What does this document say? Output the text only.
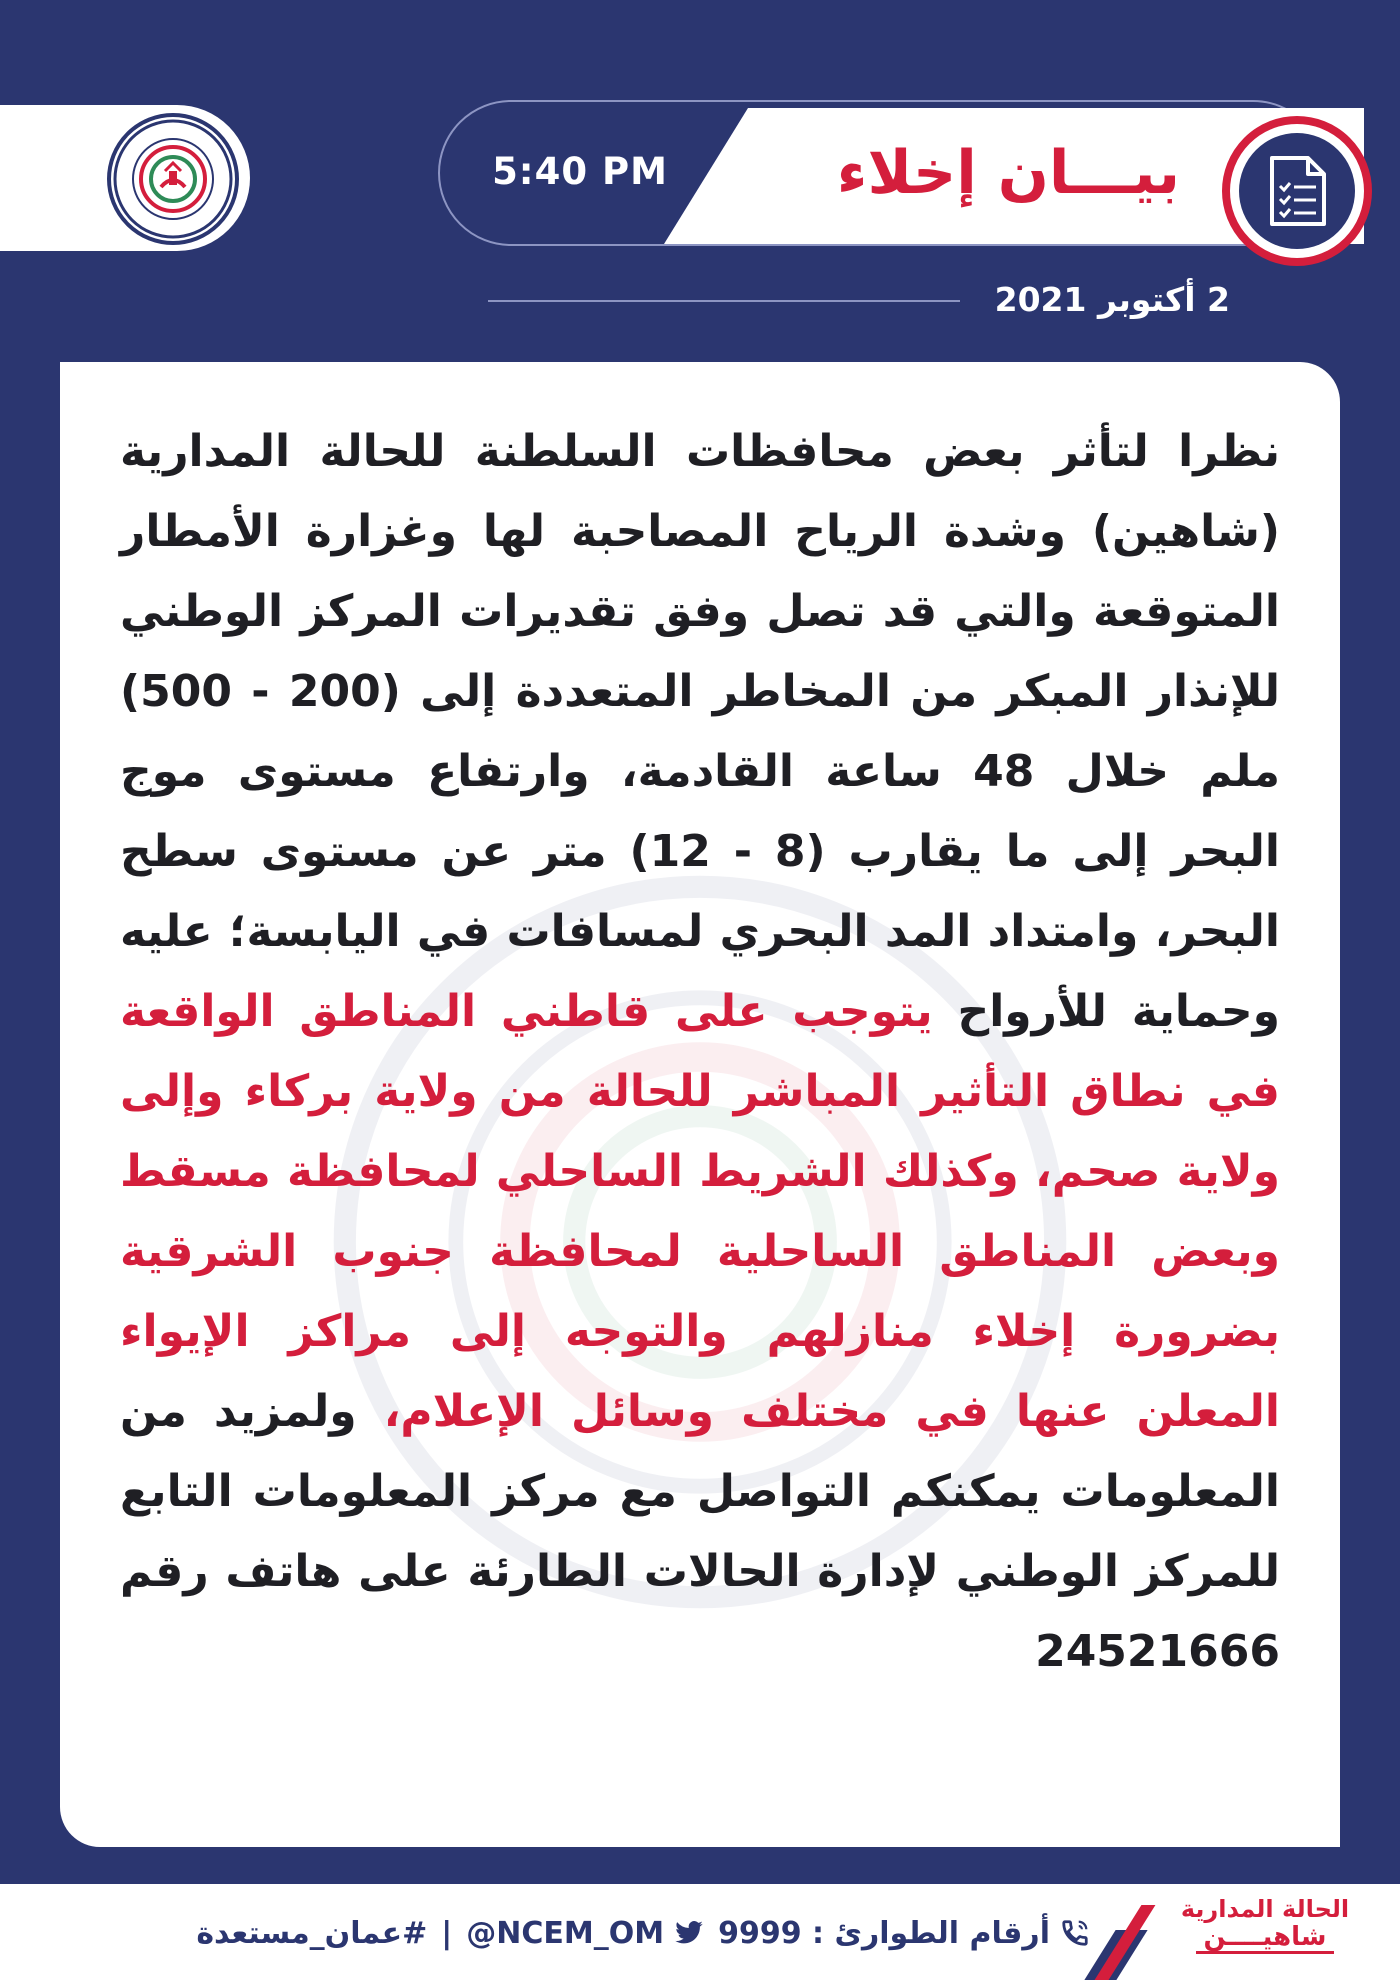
5:40 PM	بيـــان إخلاء
2 أكتوبر 2021

نظرا لتأثر بعض محافظات السلطنة للحالة المدارية (شاهين) وشدة الرياح المصاحبة لها وغزارة الأمطار المتوقعة والتي قد تصل وفق تقديرات المركز الوطني للإنذار المبكر من المخاطر المتعددة إلى (200 - 500) ملم خلال 48 ساعة القادمة، وارتفاع مستوى موج البحر إلى ما يقارب (8 - 12) متر عن مستوى سطح البحر، وامتداد المد البحري لمسافات في اليابسة؛ عليه وحماية للأرواح يتوجب على قاطني المناطق الواقعة في نطاق التأثير المباشر للحالة من ولاية بركاء وإلى ولاية صحم، وكذلك الشريط الساحلي لمحافظة مسقط وبعض المناطق الساحلية لمحافظة جنوب الشرقية بضرورة إخلاء منازلهم والتوجه إلى مراكز الإيواء المعلن عنها في مختلف وسائل الإعلام، ولمزيد من المعلومات يمكنكم التواصل مع مركز المعلومات التابع للمركز الوطني لإدارة الحالات الطارئة على هاتف رقم 24521666

الحالة المدارية
شاهيــــن
#عمان_مستعدة | @NCEM_OM أرقام الطوارئ : 9999
